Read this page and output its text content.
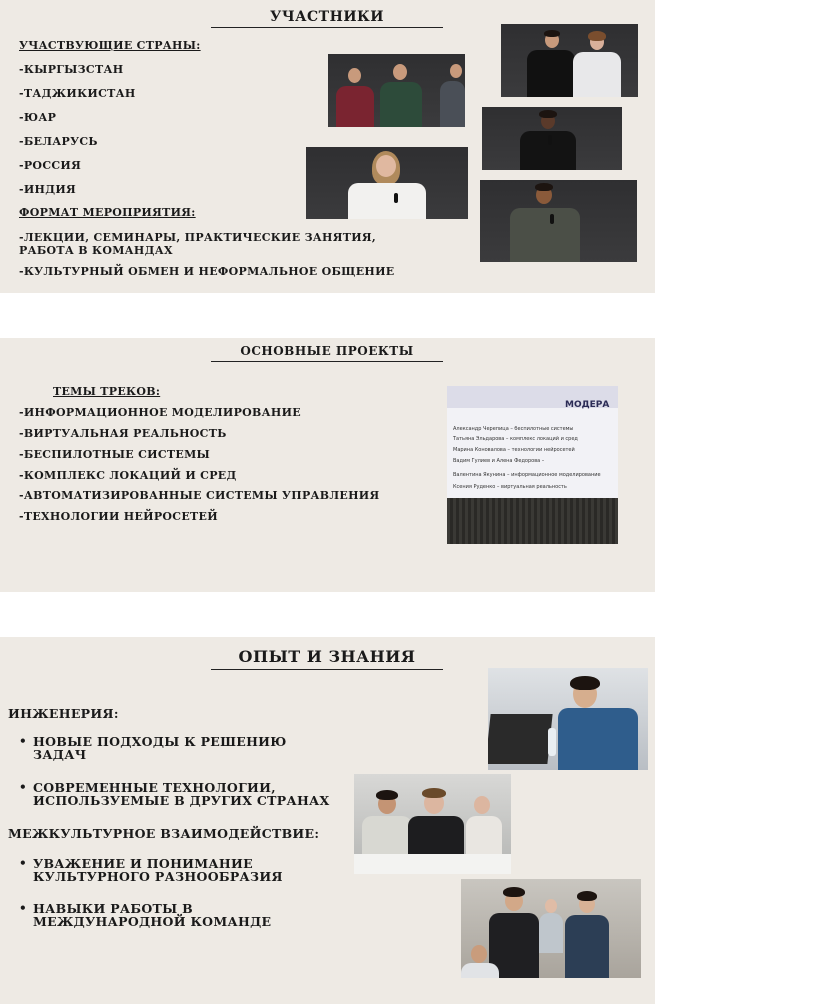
УЧАСТНИКИ
УЧАСТВУЮЩИЕ СТРАНЫ:
-КЫРГЫЗСТАН
-ТАДЖИКИСТАН
-ЮАР
-БЕЛАРУСЬ
-РОССИЯ
-ИНДИЯ
ФОРМАТ МЕРОПРИЯТИЯ:
-ЛЕКЦИИ, СЕМИНАРЫ, ПРАКТИЧЕСКИЕ ЗАНЯТИЯ, РАБОТА В КОМАНДАХ
-КУЛЬТУРНЫЙ ОБМЕН И НЕФОРМАЛЬНОЕ ОБЩЕНИЕ
ОСНОВНЫЕ ПРОЕКТЫ
ТЕМЫ ТРЕКОВ:
-ИНФОРМАЦИОННОЕ МОДЕЛИРОВАНИЕ
-ВИРТУАЛЬНАЯ РЕАЛЬНОСТЬ
-БЕСПИЛОТНЫЕ СИСТЕМЫ
-КОМПЛЕКС ЛОКАЦИЙ И СРЕД
-АВТОМАТИЗИРОВАННЫЕ СИСТЕМЫ УПРАВЛЕНИЯ
-ТЕХНОЛОГИИ НЕЙРОСЕТЕЙ
МОДЕРА
Александр Черепица – беспилотные системы
Татьяна Эльдарова – комплекс локаций и сред
Марина Коновалова – технологии нейросетей
Вадим Гулиев и Алена Федорова –
Валентина Якунина – информационное моделирование
Ксения Руденко – виртуальная реальность
ОПЫТ И ЗНАНИЯ
ИНЖЕНЕРИЯ:
• НОВЫЕ ПОДХОДЫ К РЕШЕНИЮ ЗАДАЧ
• СОВРЕМЕННЫЕ ТЕХНОЛОГИИ, ИСПОЛЬЗУЕМЫЕ В ДРУГИХ СТРАНАХ
МЕЖКУЛЬТУРНОЕ ВЗАИМОДЕЙСТВИЕ:
• УВАЖЕНИЕ И ПОНИМАНИЕ КУЛЬТУРНОГО РАЗНООБРАЗИЯ
• НАВЫКИ РАБОТЫ В МЕЖДУНАРОДНОЙ КОМАНДЕ
